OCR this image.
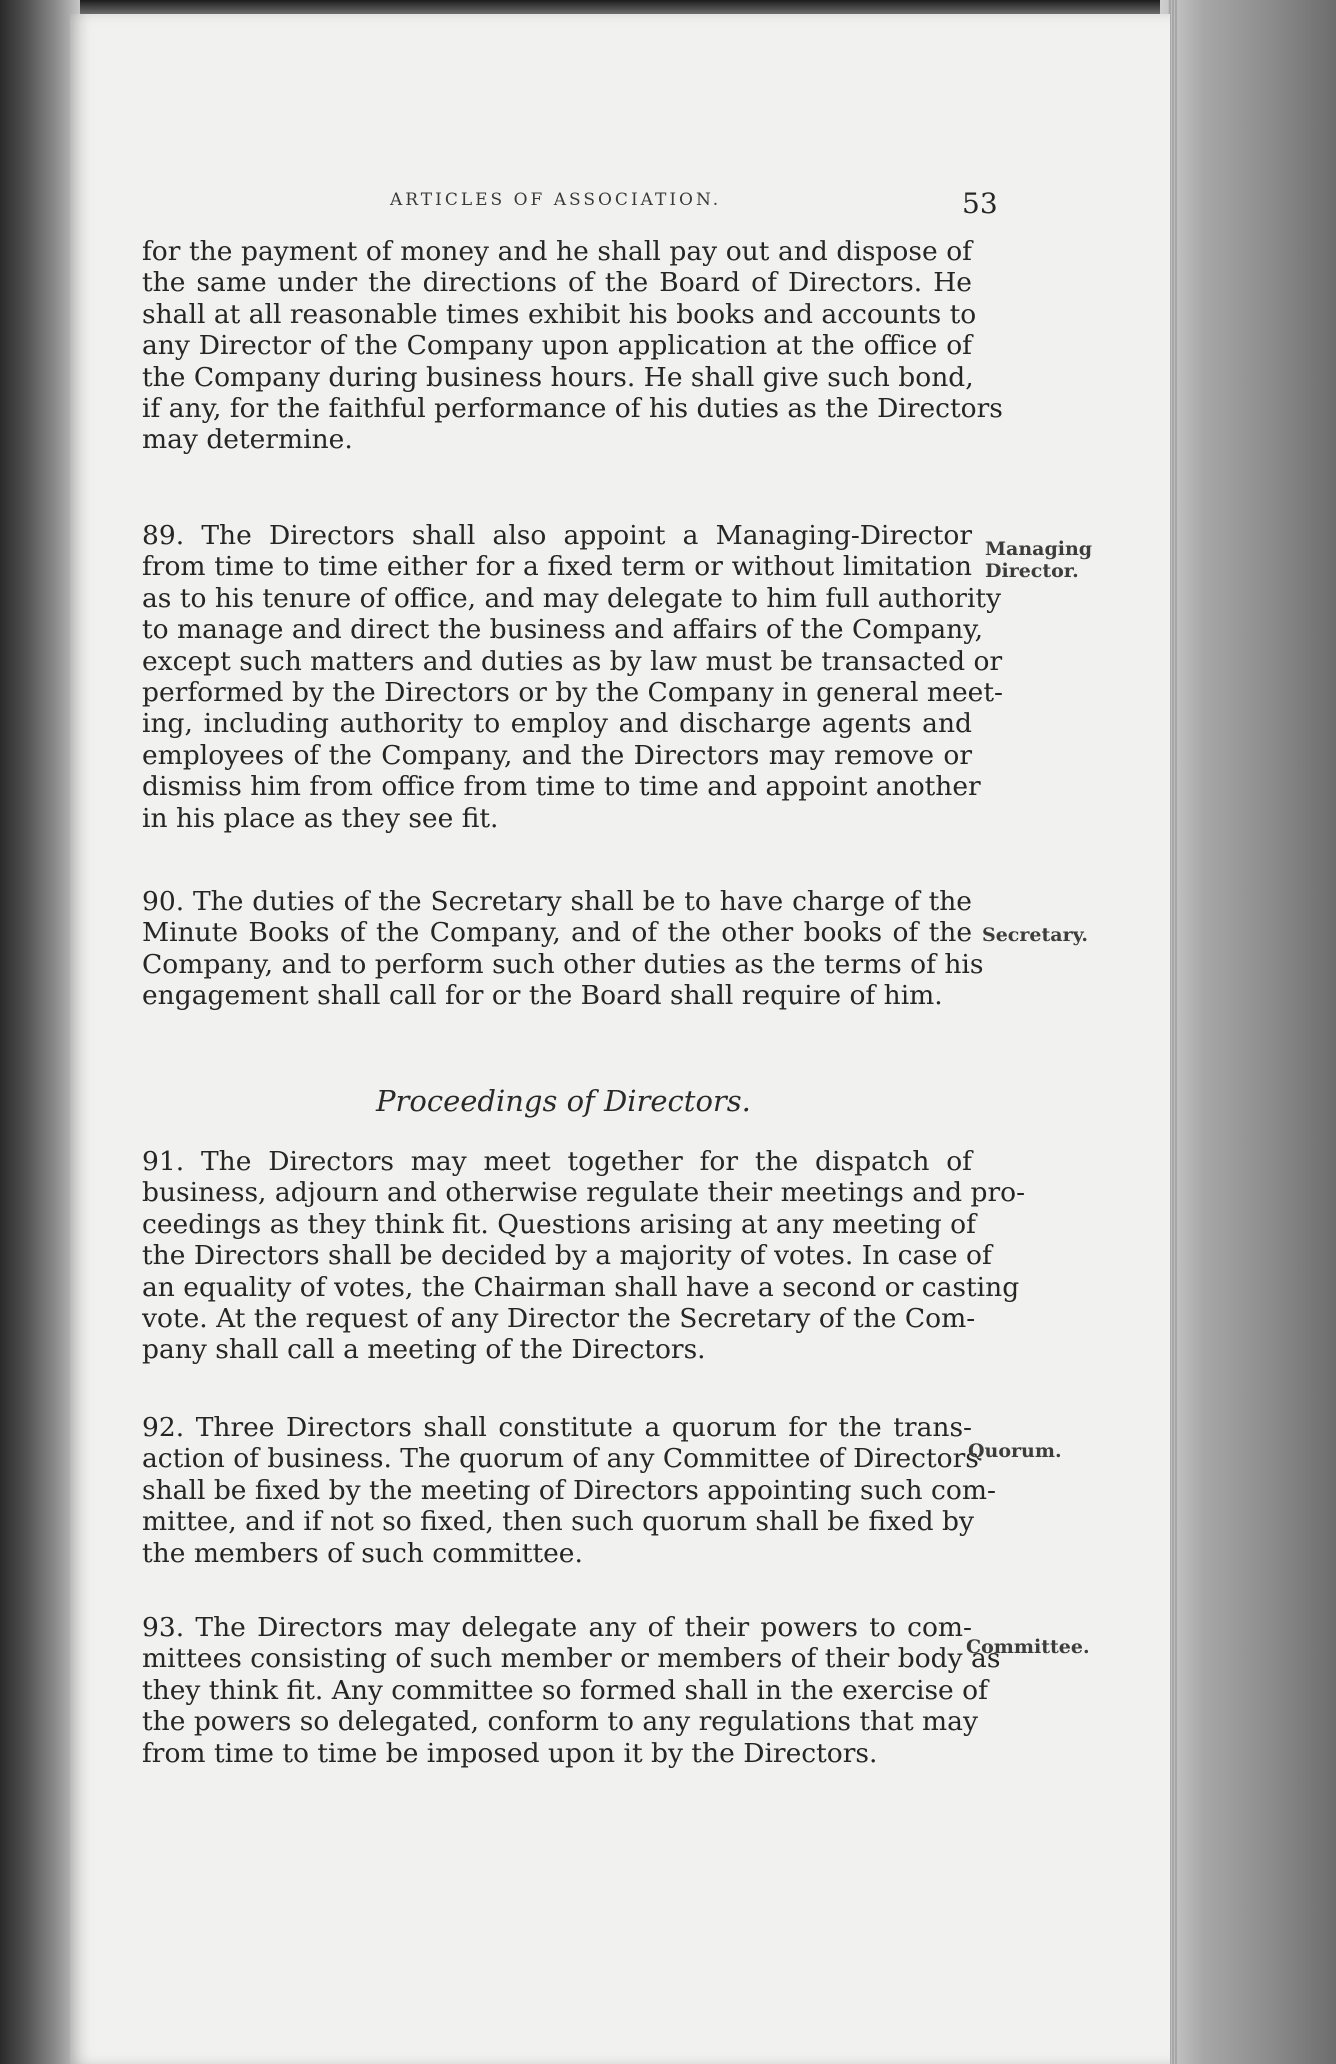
ARTICLES OF ASSOCIATION.	53
for the payment of money and he shall pay out and dispose of
the same under the directions of the Board of Directors. He
shall at all reasonable times exhibit his books and accounts to
any Director of the Company upon application at the office of
the Company during business hours. He shall give such bond,
if any, for the faithful performance of his duties as the Directors
may determine.
89. The Directors shall also appoint a Managing-Director
from time to time either for a fixed term or without limitation
as to his tenure of office, and may delegate to him full authority
to manage and direct the business and affairs of the Company,
except such matters and duties as by law must be transacted or
performed by the Directors or by the Company in general meet-
ing, including authority to employ and discharge agents and
employees of the Company, and the Directors may remove or
dismiss him from office from time to time and appoint another
in his place as they see fit.
90. The duties of the Secretary shall be to have charge of the
Minute Books of the Company, and of the other books of the
Company, and to perform such other duties as the terms of his
engagement shall call for or the Board shall require of him.
Proceedings of Directors.
91. The Directors may meet together for the dispatch of
business, adjourn and otherwise regulate their meetings and pro-
ceedings as they think fit. Questions arising at any meeting of
the Directors shall be decided by a majority of votes. In case of
an equality of votes, the Chairman shall have a second or casting
vote. At the request of any Director the Secretary of the Com-
pany shall call a meeting of the Directors.
92. Three Directors shall constitute a quorum for the trans-
action of business. The quorum of any Committee of Directors
shall be fixed by the meeting of Directors appointing such com-
mittee, and if not so fixed, then such quorum shall be fixed by
the members of such committee.
93. The Directors may delegate any of their powers to com-
mittees consisting of such member or members of their body as
they think fit. Any committee so formed shall in the exercise of
the powers so delegated, conform to any regulations that may
from time to time be imposed upon it by the Directors.
Managing
Director.
Secretary.
Quorum.
Committee.
